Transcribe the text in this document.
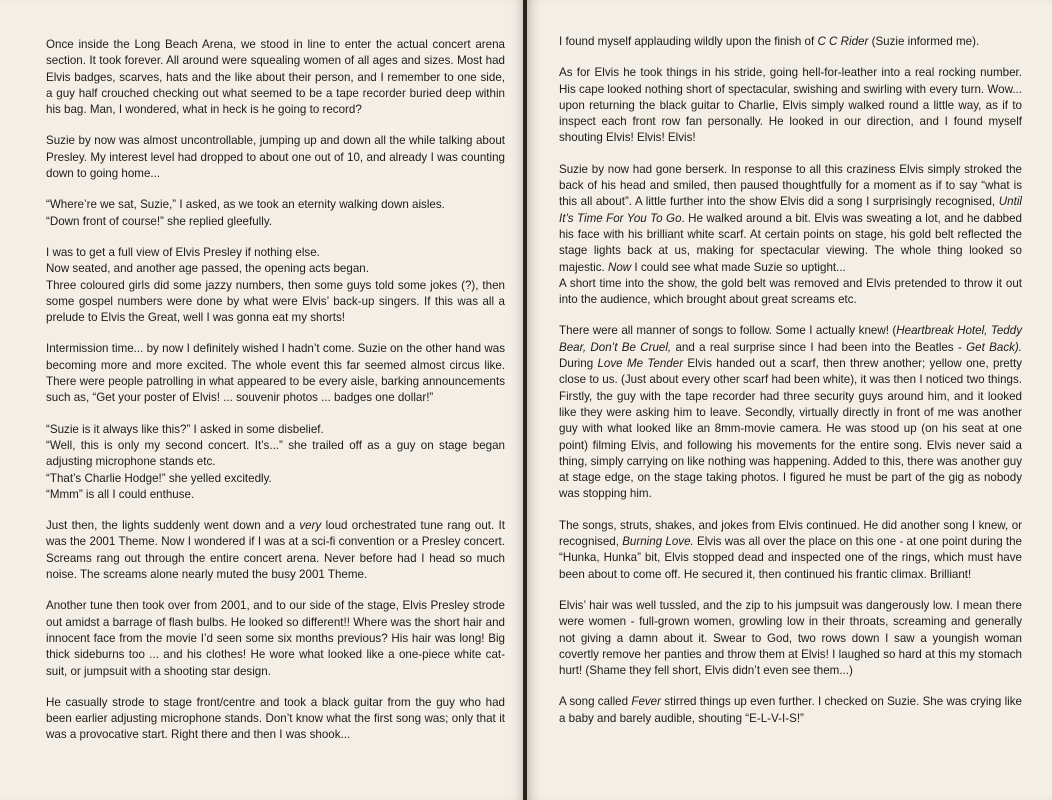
Once inside the Long Beach Arena, we stood in line to enter the actual concert arena section. It took forever. All around were squealing women of all ages and sizes. Most had Elvis badges, scarves, hats and the like about their person, and I remember to one side, a guy half crouched checking out what seemed to be a tape recorder buried deep within his bag. Man, I wondered, what in heck is he going to record?
Suzie by now was almost uncontrollable, jumping up and down all the while talking about Presley. My interest level had dropped to about one out of 10, and already I was counting down to going home...
“Where’re we sat, Suzie,” I asked, as we took an eternity walking down aisles.
“Down front of course!” she replied gleefully.
I was to get a full view of Elvis Presley if nothing else.
Now seated, and another age passed, the opening acts began.
Three coloured girls did some jazzy numbers, then some guys told some jokes (?), then some gospel numbers were done by what were Elvis’ back-up singers. If this was all a prelude to Elvis the Great, well I was gonna eat my shorts!
Intermission time... by now I definitely wished I hadn’t come. Suzie on the other hand was becoming more and more excited. The whole event this far seemed almost circus like. There were people patrolling in what appeared to be every aisle, barking announcements such as, “Get your poster of Elvis! ... souvenir photos ... badges one dollar!”
“Suzie is it always like this?” I asked in some disbelief.
“Well, this is only my second concert. It’s...” she trailed off as a guy on stage began adjusting microphone stands etc.
“That’s Charlie Hodge!” she yelled excitedly.
“Mmm” is all I could enthuse.
Just then, the lights suddenly went down and a very loud orchestrated tune rang out. It was the 2001 Theme. Now I wondered if I was at a sci-fi convention or a Presley concert. Screams rang out through the entire concert arena. Never before had I head so much noise. The screams alone nearly muted the busy 2001 Theme.
Another tune then took over from 2001, and to our side of the stage, Elvis Presley strode out amidst a barrage of flash bulbs. He looked so different!! Where was the short hair and innocent face from the movie I’d seen some six months previous? His hair was long! Big thick sideburns too ... and his clothes! He wore what looked like a one-piece white cat-suit, or jumpsuit with a shooting star design.
He casually strode to stage front/centre and took a black guitar from the guy who had been earlier adjusting microphone stands. Don’t know what the first song was; only that it was a provocative start. Right there and then I was shook...
I found myself applauding wildly upon the finish of C C Rider (Suzie informed me).
As for Elvis he took things in his stride, going hell-for-leather into a real rocking number. His cape looked nothing short of spectacular, swishing and swirling with every turn. Wow... upon returning the black guitar to Charlie, Elvis simply walked round a little way, as if to inspect each front row fan personally. He looked in our direction, and I found myself shouting Elvis! Elvis! Elvis!
Suzie by now had gone berserk. In response to all this craziness Elvis simply stroked the back of his head and smiled, then paused thoughtfully for a moment as if to say “what is this all about”. A little further into the show Elvis did a song I surprisingly recognised, Until It’s Time For You To Go. He walked around a bit. Elvis was sweating a lot, and he dabbed his face with his brilliant white scarf. At certain points on stage, his gold belt reflected the stage lights back at us, making for spectacular viewing. The whole thing looked so majestic. Now I could see what made Suzie so uptight...
A short time into the show, the gold belt was removed and Elvis pretended to throw it out into the audience, which brought about great screams etc.
There were all manner of songs to follow. Some I actually knew! (Heartbreak Hotel, Teddy Bear, Don’t Be Cruel, and a real surprise since I had been into the Beatles - Get Back). During Love Me Tender Elvis handed out a scarf, then threw another; yellow one, pretty close to us. (Just about every other scarf had been white), it was then I noticed two things. Firstly, the guy with the tape recorder had three security guys around him, and it looked like they were asking him to leave. Secondly, virtually directly in front of me was another guy with what looked like an 8mm-movie camera. He was stood up (on his seat at one point) filming Elvis, and following his movements for the entire song. Elvis never said a thing, simply carrying on like nothing was happening. Added to this, there was another guy at stage edge, on the stage taking photos. I figured he must be part of the gig as nobody was stopping him.
The songs, struts, shakes, and jokes from Elvis continued. He did another song I knew, or recognised, Burning Love. Elvis was all over the place on this one - at one point during the “Hunka, Hunka” bit, Elvis stopped dead and inspected one of the rings, which must have been about to come off. He secured it, then continued his frantic climax. Brilliant!
Elvis’ hair was well tussled, and the zip to his jumpsuit was dangerously low. I mean there were women - full-grown women, growling low in their throats, screaming and generally not giving a damn about it. Swear to God, two rows down I saw a youngish woman covertly remove her panties and throw them at Elvis! I laughed so hard at this my stomach hurt! (Shame they fell short, Elvis didn’t even see them...)
A song called Fever stirred things up even further. I checked on Suzie. She was crying like a baby and barely audible, shouting “E-L-V-I-S!”
